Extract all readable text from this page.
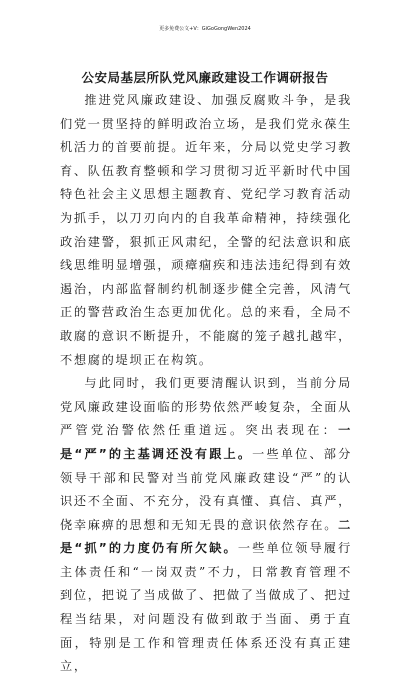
更多免费公文+V：GiGoGongWen2024
公安局基层所队党风廉政建设工作调研报告

推进党风廉政建设、加强反腐败斗争，是我们党一贯坚持的鲜明政治立场，是我们党永葆生机活力的首要前提。近年来，分局以党史学习教育、队伍教育整顿和学习贯彻习近平新时代中国特色社会主义思想主题教育、党纪学习教育活动为抓手，以刀刃向内的自我革命精神，持续强化政治建警，狠抓正风肃纪，全警的纪法意识和底线思维明显增强，顽瘴痼疾和违法违纪得到有效遏治，内部监督制约机制逐步健全完善，风清气正的警营政治生态更加优化。总的来看，全局不敢腐的意识不断提升，不能腐的笼子越扎越牢，不想腐的堤坝正在构筑。

与此同时，我们更要清醒认识到，当前分局党风廉政建设面临的形势依然严峻复杂，全面从严管党治警依然任重道远。突出表现在：一是“严”的主基调还没有跟上。一些单位、部分领导干部和民警对当前党风廉政建设“严”的认识还不全面、不充分，没有真懂、真信、真严，侥幸麻痹的思想和无知无畏的意识依然存在。二是“抓”的力度仍有所欠缺。一些单位领导履行主体责任和“一岗双责”不力，日常教育管理不到位，把说了当成做了、把做了当做成了、把过程当结果，对问题没有做到敢于当面、勇于直面，特别是工作和管理责任体系还没有真正建立，
